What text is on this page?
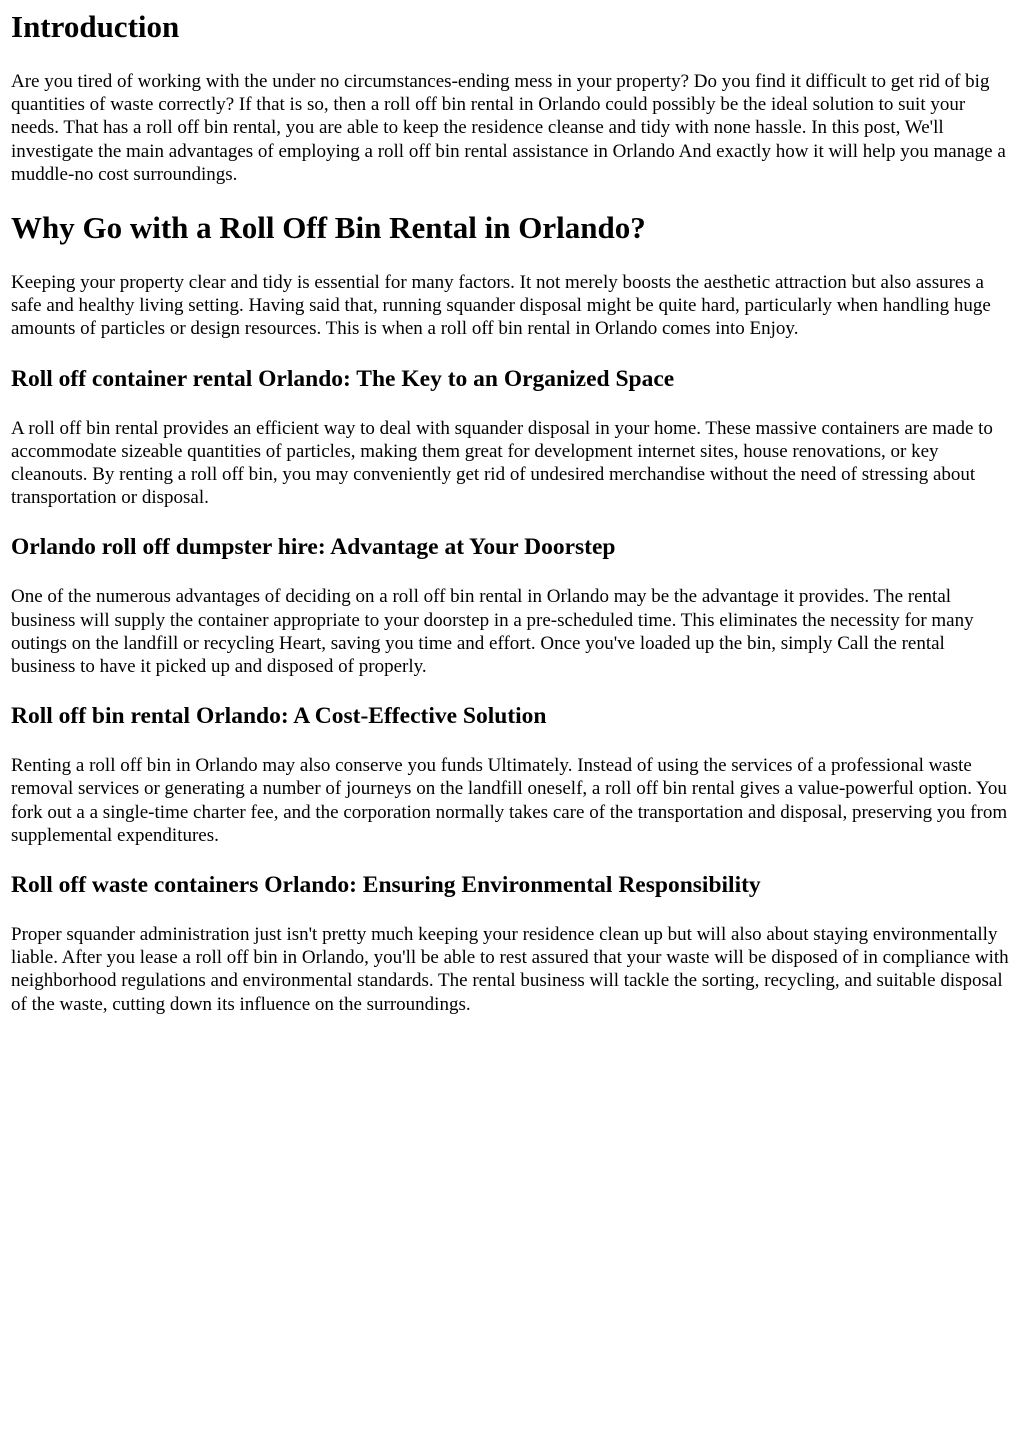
Introduction

Are you tired of working with the under no circumstances-ending mess in your property? Do you find it difficult to get rid of big quantities of waste correctly? If that is so, then a roll off bin rental in Orlando could possibly be the ideal solution to suit your needs. That has a roll off bin rental, you are able to keep the residence cleanse and tidy with none hassle. In this post, We'll investigate the main advantages of employing a roll off bin rental assistance in Orlando And exactly how it will help you manage a muddle-no cost surroundings.

Why Go with a Roll Off Bin Rental in Orlando?

Keeping your property clear and tidy is essential for many factors. It not merely boosts the aesthetic attraction but also assures a safe and healthy living setting. Having said that, running squander disposal might be quite hard, particularly when handling huge amounts of particles or design resources. This is when a roll off bin rental in Orlando comes into Enjoy.

Roll off container rental Orlando: The Key to an Organized Space

A roll off bin rental provides an efficient way to deal with squander disposal in your home. These massive containers are made to accommodate sizeable quantities of particles, making them great for development internet sites, house renovations, or key cleanouts. By renting a roll off bin, you may conveniently get rid of undesired merchandise without the need of stressing about transportation or disposal.

Orlando roll off dumpster hire: Advantage at Your Doorstep

One of the numerous advantages of deciding on a roll off bin rental in Orlando may be the advantage it provides. The rental business will supply the container appropriate to your doorstep in a pre-scheduled time. This eliminates the necessity for many outings on the landfill or recycling Heart, saving you time and effort. Once you've loaded up the bin, simply Call the rental business to have it picked up and disposed of properly.

Roll off bin rental Orlando: A Cost-Effective Solution

Renting a roll off bin in Orlando may also conserve you funds Ultimately. Instead of using the services of a professional waste removal services or generating a number of journeys on the landfill oneself, a roll off bin rental gives a value-powerful option. You fork out a a single-time charter fee, and the corporation normally takes care of the transportation and disposal, preserving you from supplemental expenditures.

Roll off waste containers Orlando: Ensuring Environmental Responsibility

Proper squander administration just isn't pretty much keeping your residence clean up but will also about staying environmentally liable. After you lease a roll off bin in Orlando, you'll be able to rest assured that your waste will be disposed of in compliance with neighborhood regulations and environmental standards. The rental business will tackle the sorting, recycling, and suitable disposal of the waste, cutting down its influence on the surroundings.
